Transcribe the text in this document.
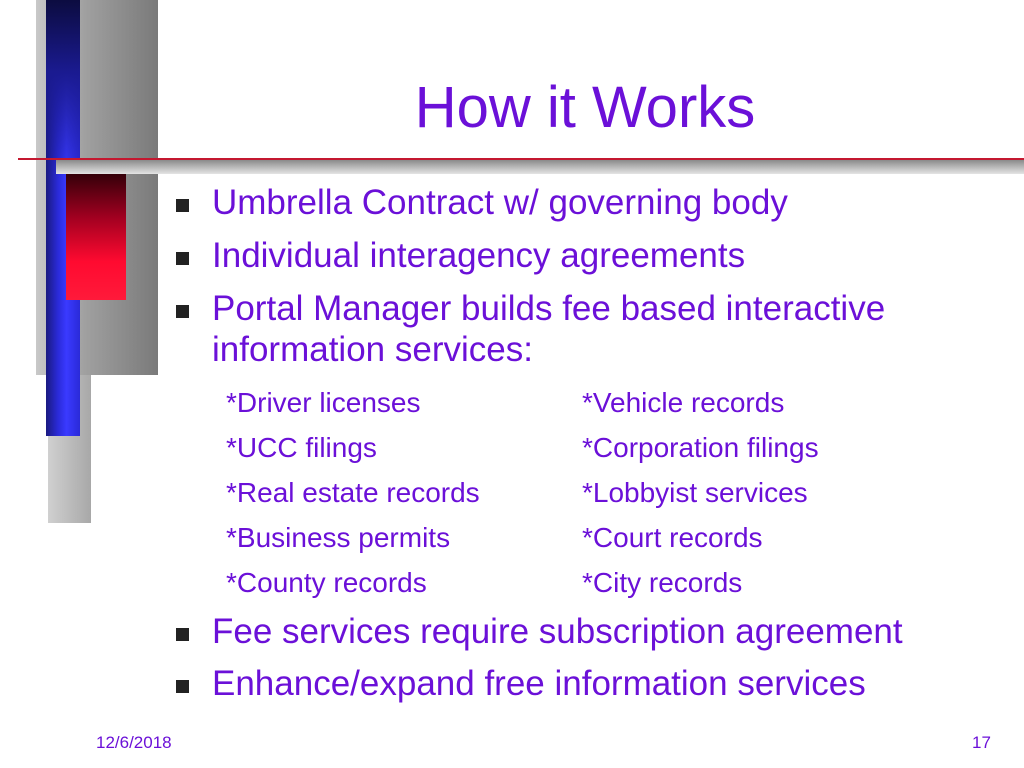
How it Works
Umbrella Contract w/ governing body
Individual interagency agreements
Portal Manager builds fee based interactive information services:
*Driver licenses	*Vehicle records
*UCC filings	*Corporation filings
*Real estate records	*Lobbyist services
*Business permits	*Court records
*County records	*City records
Fee services require subscription agreement
Enhance/expand free information services
12/6/2018	17
